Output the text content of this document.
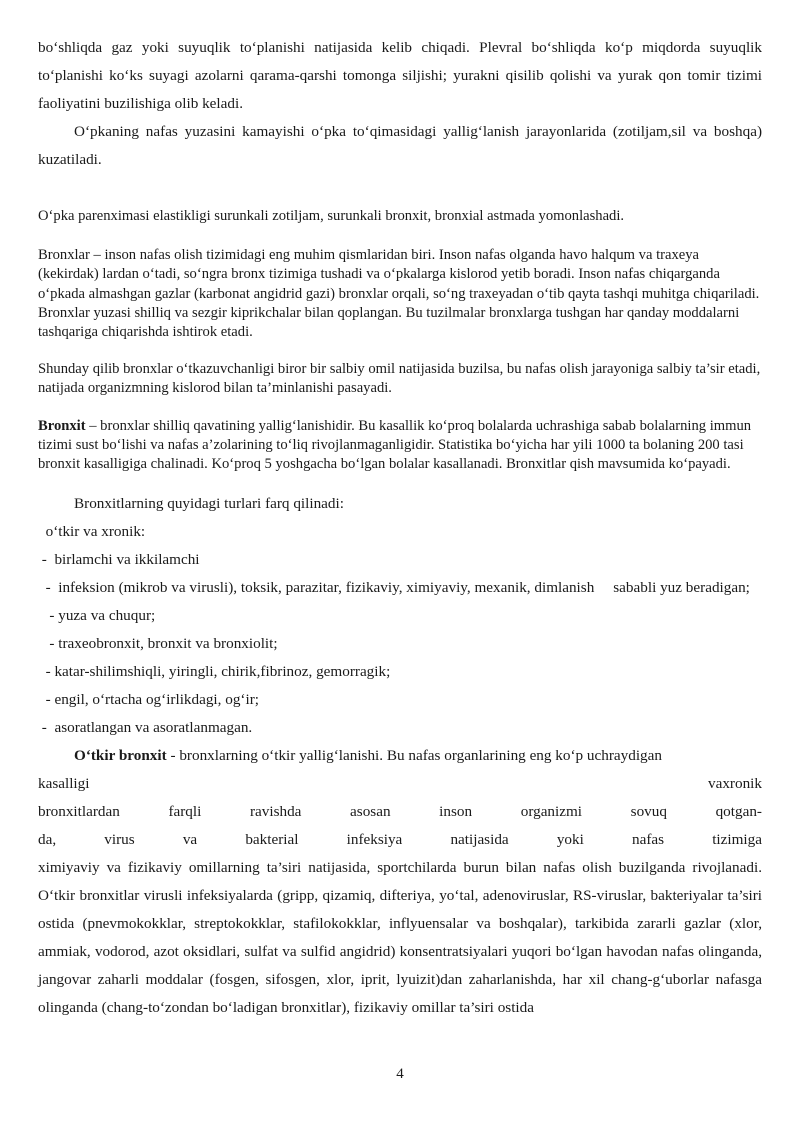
bo‘shliqda gaz yoki suyuqlik to‘planishi natijasida kelib chiqadi. Plevral bo‘shliqda ko‘p miqdorda suyuqlik to‘planishi ko‘ks suyagi azolarni qarama-qarshi tomonga siljishi; yurakni qisilib qolishi va yurak qon tomir tizimi faoliyatini buzilishiga olib keladi.

O‘pkaning nafas yuzasini kamayishi o‘pka to‘qimasidagi yallig‘lanish jarayonlarida (zotiljam,sil va boshqa) kuzatiladi.

O‘pka parenximasi elastikligi surunkali zotiljam, surunkali bronxit, bronxial astmada yomonlashadi.

Bronxlar – inson nafas olish tizimidagi eng muhim qismlaridan biri. Inson nafas olganda havo halqum va traxeya (kekirdak) lardan o‘tadi, so‘ngra bronx tizimiga tushadi va o‘pkalarga kislorod yetib boradi. Inson nafas chiqarganda o‘pkada almashgan gazlar (karbonat angidrid gazi) bronxlar orqali, so‘ng traxeyadan o‘tib qayta tashqi muhitga chiqariladi. Bronxlar yuzasi shilliq va sezgir kiprikchalar bilan qoplangan. Bu tuzilmalar bronxlarga tushgan har qanday moddalarni tashqariga chiqarishda ishtirok etadi.

Shunday qilib bronxlar o‘tkazuvchanligi biror bir salbiy omil natijasida buzilsa, bu nafas olish jarayoniga salbiy ta’sir etadi, natijada organizmning kislorod bilan ta’minlanishi pasayadi.

Bronxit – bronxlar shilliq qavatining yallig‘lanishidir. Bu kasallik ko‘proq bolalarda uchrashiga sabab bolalarning immun tizimi sust bo‘lishi va nafas a’zolarining to‘liq rivojlanmaganligidir. Statistika bo‘yicha har yili 1000 ta bolaning 200 tasi bronxit kasalligiga chalinadi. Ko‘proq 5 yoshgacha bo‘lgan bolalar kasallanadi. Bronxitlar qish mavsumida ko‘payadi.

Bronxitlarning quyidagi turlari farq qilinadi:

o‘tkir va xronik:

-  birlamchi va ikkilamchi

-  infeksion (mikrob va virusli), toksik, parazitar, fizikaviy, ximiyaviy, mexanik, dimlanish     sababli yuz beradigan;

- yuza va chuqur;

- traxeobronxit, bronxit va bronxiolit;

- katar-shilimshiqli, yiringli, chirik,fibrinoz, gemorragik;

- engil, o‘rtacha og‘irlikdagi, og‘ir;

-  asoratlangan va asoratlanmagan.

O‘tkir bronxit - bronxlarning o‘tkir yallig‘lanishi. Bu nafas organlarining eng ko‘p uchraydigan

kasalligi	vaxronik
bronxitlardan	farqli	ravishda	asosan	inson	organizmi	sovuq	qotgan-
da,	virus	va	bakterial	infeksiya	natijasida	yoki	nafas	tizimiga

ximiyaviy va fizikaviy omillarning ta’siri natijasida, sportchilarda burun bilan nafas olish buzilganda rivojlanadi. O‘tkir bronxitlar virusli infeksiyalarda (gripp, qizamiq, difteriya, yo‘tal, adenoviruslar, RS-viruslar, bakteriyalar ta’siri ostida (pnevmokokklar, streptokokklar, stafilokokklar, inflyuensalar va boshqalar), tarkibida zararli gazlar (xlor, ammiak, vodorod, azot oksidlari, sulfat va sulfid angidrid) konsentratsiyalari yuqori bo‘lgan havodan nafas olinganda, jangovar zaharli moddalar (fosgen, sifosgen, xlor, iprit, lyuizit)dan zaharlanishda, har xil chang-g‘uborlar nafasga olinganda (chang-to‘zondan bo‘ladigan bronxitlar), fizikaviy omillar ta’siri ostida

4
